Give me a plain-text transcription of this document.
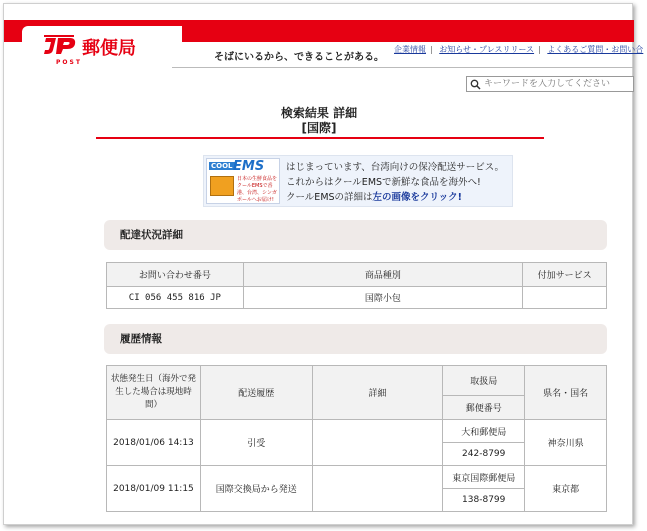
郵便局
POST	そばにいるから、できることがある。
企業情報 | お知らせ・プレスリリース | よくあるご質問・お問い合
キーワードを入力してください
検索結果 詳細
[国際]
COOL EMS
日本の生鮮食品をクールEMSで香港、台湾、シンガポールへお届け!
はじまっています、台湾向けの保冷配送サービス。
これからはクールEMSで新鮮な食品を海外へ!
クールEMSの詳細は左の画像をクリック!
配達状況詳細
お問い合わせ番号	商品種別	付加サービス
CI 056 455 816 JP	国際小包	
履歴情報
状態発生日（海外で発生した場合は現地時間）	配送履歴	詳細	取扱局	県名・国名
			郵便番号	
2018/01/06 14:13	引受		大和郵便局	神奈川県
			242-8799	
2018/01/09 11:15	国際交換局から発送		東京国際郵便局	東京都
			138-8799	
